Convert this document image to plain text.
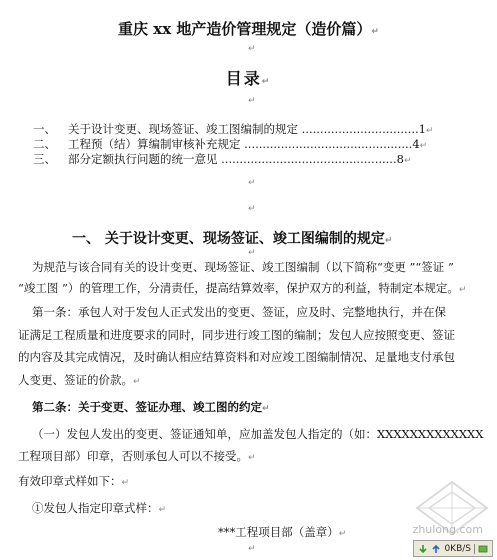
重庆 xx 地产造价管理规定（造价篇）↵
↵
目录↵
↵
一、 关于设计变更、现场签证、竣工图编制的规定 ................................1↵
二、 工程预（结）算编制审核补充规定 ..............................................4↵
三、 部分定额执行问题的统一意见 ................................................8↵
↵
↵
一、 关于设计变更、现场签证、竣工图编制的规定↵
↵
为规范与该合同有关的设计变更、现场签证、竣工图编制（以下简称“变更 ”“签证 ”
“竣工图 ”）的管理工作，分清责任，提高结算效率，保护双方的利益，特制定本规定。↵
第一条：承包人对于发包人正式发出的变更、签证，应及时、完整地执行，并在保
证满足工程质量和进度要求的同时，同步进行竣工图的编制；发包人应按照变更、签证
的内容及其完成情况，及时确认相应结算资料和对应竣工图编制情况、足量地支付承包
人变更、签证的价款。↵
第二条：关于变更、签证办理、竣工图的约定↵
（一）发包人发出的变更、签证通知单，应加盖发包人指定的（如：XXXXXXXXXXXXX
工程项目部）印章，否则承包人可以不接受。↵
有效印章式样如下：↵
①发包人指定印章式样：↵
***工程项目部（盖章）↵
↵
zhulong.com
0KB/S
